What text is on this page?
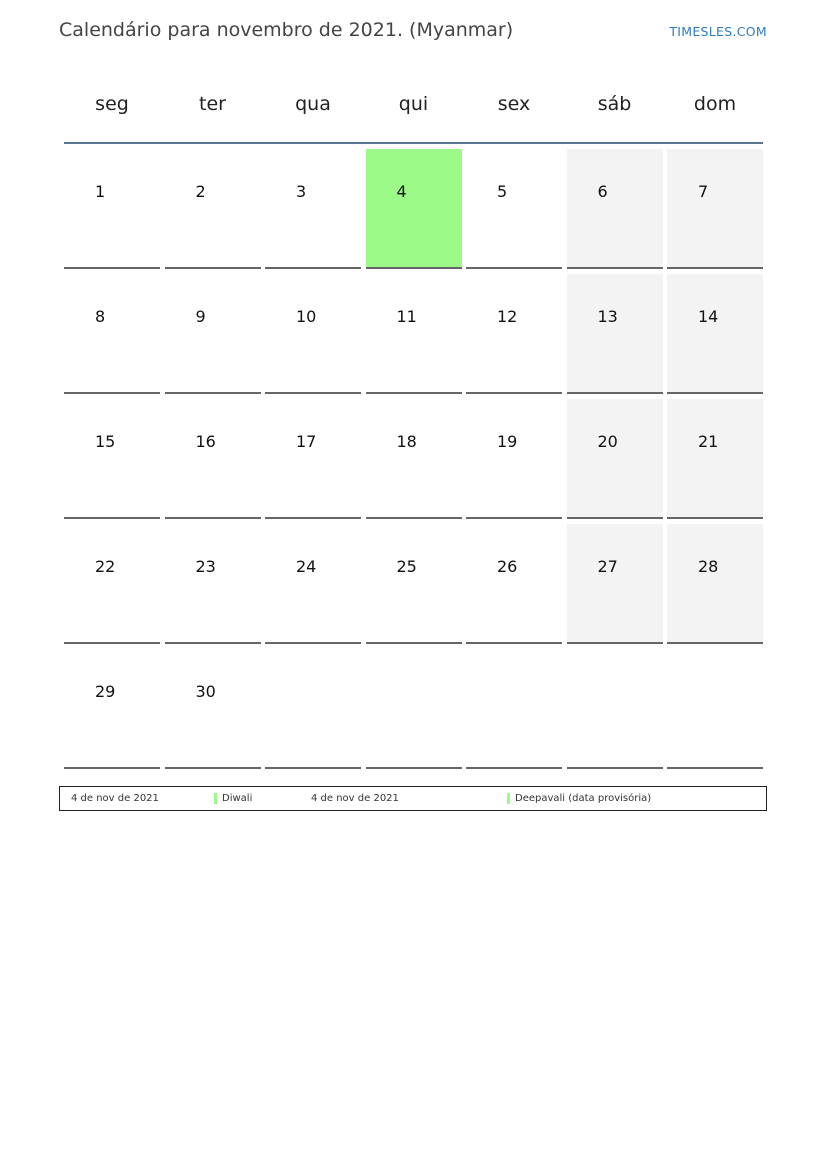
Calendário para novembro de 2021. (Myanmar)	TIMESLES.COM
seg	ter	qua	qui	sex	sáb	dom
1	2	3	4	5	6	7
8	9	10	11	12	13	14
15	16	17	18	19	20	21
22	23	24	25	26	27	28
29	30
4 de nov de 2021	Diwali	4 de nov de 2021	Deepavali (data provisória)
